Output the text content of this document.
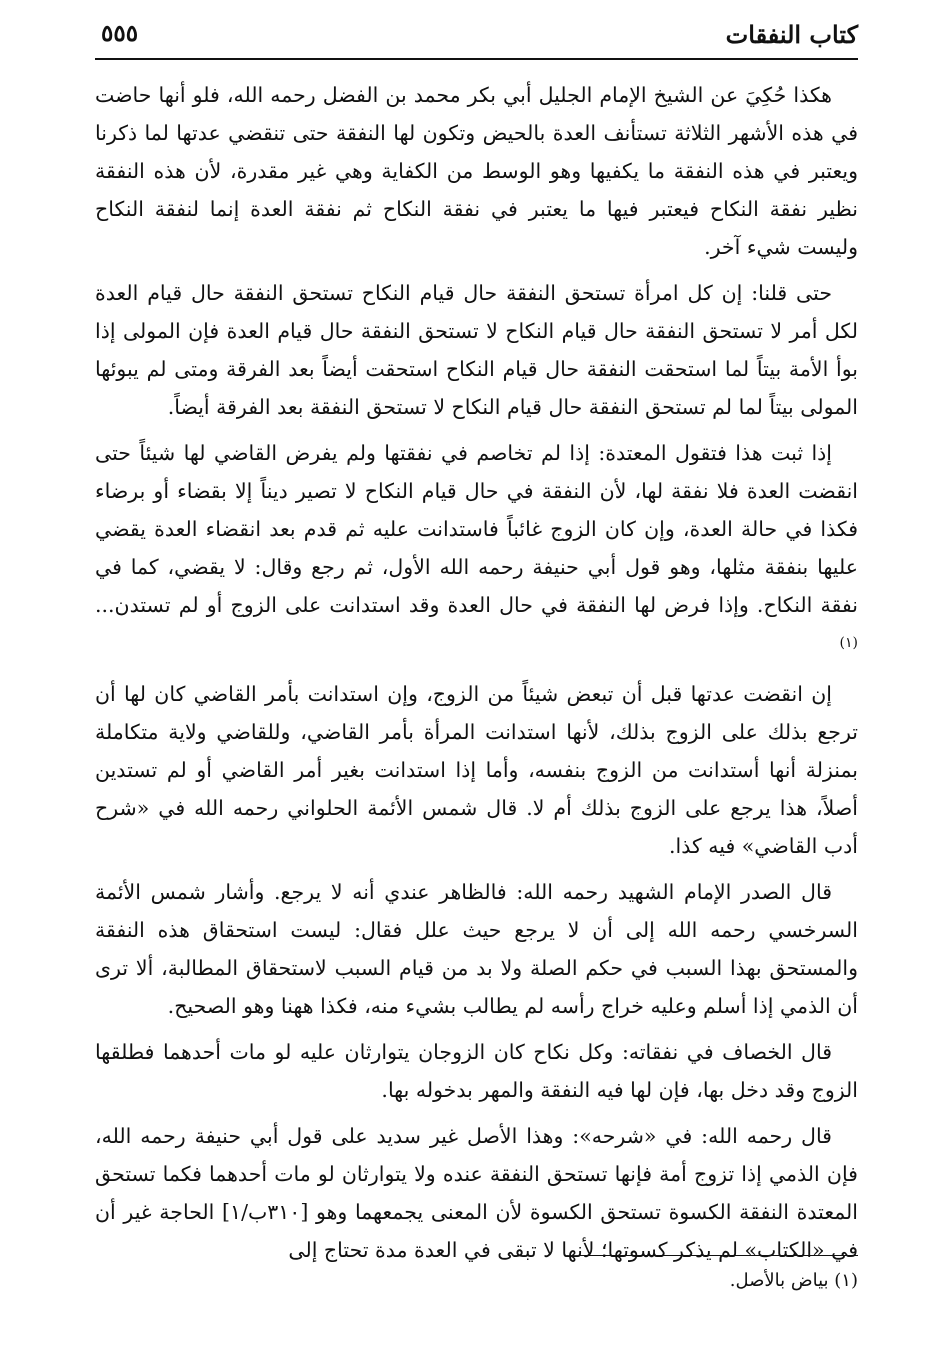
كتاب النفقات
٥٥٥

هكذا حُكِيَ عن الشيخ الإمام الجليل أبي بكر محمد بن الفضل رحمه الله، فلو أنها حاضت في هذه الأشهر الثلاثة تستأنف العدة بالحيض وتكون لها النفقة حتى تنقضي عدتها لما ذكرنا ويعتبر في هذه النفقة ما يكفيها وهو الوسط من الكفاية وهي غير مقدرة، لأن هذه النفقة نظير نفقة النكاح فيعتبر فيها ما يعتبر في نفقة النكاح ثم نفقة العدة إنما لنفقة النكاح وليست شيء آخر.

حتى قلنا: إن كل امرأة تستحق النفقة حال قيام النكاح تستحق النفقة حال قيام العدة لكل أمر لا تستحق النفقة حال قيام النكاح لا تستحق النفقة حال قيام العدة فإن المولى إذا بوأ الأمة بيتاً لما استحقت النفقة حال قيام النكاح استحقت أيضاً بعد الفرقة ومتى لم يبوئها المولى بيتاً لما لم تستحق النفقة حال قيام النكاح لا تستحق النفقة بعد الفرقة أيضاً.

إذا ثبت هذا فتقول المعتدة: إذا لم تخاصم في نفقتها ولم يفرض القاضي لها شيئاً حتى انقضت العدة فلا نفقة لها، لأن النفقة في حال قيام النكاح لا تصير ديناً إلا بقضاء أو برضاء فكذا في حالة العدة، وإن كان الزوج غائباً فاستدانت عليه ثم قدم بعد انقضاء العدة يقضي عليها بنفقة مثلها، وهو قول أبي حنيفة رحمه الله الأول، ثم رجع وقال: لا يقضي، كما في نفقة النكاح. وإذا فرض لها النفقة في حال العدة وقد استدانت على الزوج أو لم تستدن... $^{(١)}$

إن انقضت عدتها قبل أن تبعض شيئاً من الزوج، وإن استدانت بأمر القاضي كان لها أن ترجع بذلك على الزوج بذلك، لأنها استدانت المرأة بأمر القاضي، وللقاضي ولاية متكاملة بمنزلة أنها أستدانت من الزوج بنفسه، وأما إذا استدانت بغير أمر القاضي أو لم تستدين أصلاً، هذا يرجع على الزوج بذلك أم لا. قال شمس الأئمة الحلواني رحمه الله في «شرح أدب القاضي» فيه كذا.

قال الصدر الإمام الشهيد رحمه الله: فالظاهر عندي أنه لا يرجع. وأشار شمس الأئمة السرخسي رحمه الله إلى أن لا يرجع حيث علل فقال: ليست استحقاق هذه النفقة والمستحق بهذا السبب في حكم الصلة ولا بد من قيام السبب لاستحقاق المطالبة، ألا ترى أن الذمي إذا أسلم وعليه خراج رأسه لم يطالب بشيء منه، فكذا ههنا وهو الصحيح.

قال الخصاف في نفقاته: وكل نكاح كان الزوجان يتوارثان عليه لو مات أحدهما فطلقها الزوج وقد دخل بها، فإن لها فيه النفقة والمهر بدخوله بها.

قال رحمه الله: في «شرحه»: وهذا الأصل غير سديد على قول أبي حنيفة رحمه الله، فإن الذمي إذا تزوج أمة فإنها تستحق النفقة عنده ولا يتوارثان لو مات أحدهما فكما تستحق المعتدة النفقة الكسوة تستحق الكسوة لأن المعنى يجمعهما وهو [٣١٠ب/١] الحاجة غير أن في «الكتاب» لم يذكر كسوتها؛ لأنها لا تبقى في العدة مدة تحتاج إلى

(١) بياض بالأصل.
